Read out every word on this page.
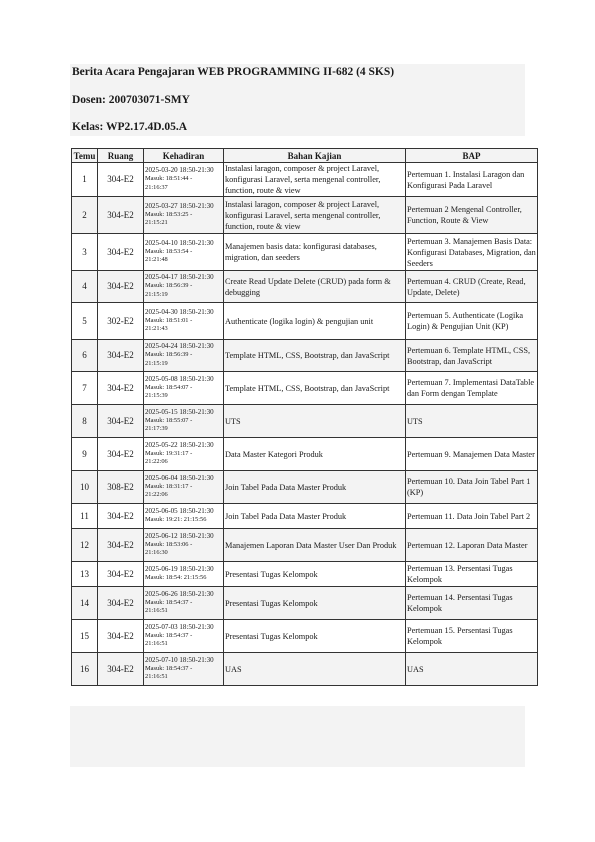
Berita Acara Pengajaran WEB PROGRAMMING II-682 (4 SKS)
Dosen: 200703071-SMY
Kelas: WP2.17.4D.05.A
Temu	Ruang	Kehadiran	Bahan Kajian	BAP
1	304-E2	2025-03-20 18:50-21:30
Masuk: 18:51:44 -
21:16:37	Instalasi laragon, composer & project Laravel, konfigurasi Laravel, serta mengenal controller, function, route & view	Pertemuan 1. Instalasi Laragon dan Konfigurasi Pada Laravel
2	304-E2	2025-03-27 18:50-21:30
Masuk: 18:53:25 -
21:15:21	Instalasi laragon, composer & project Laravel, konfigurasi Laravel, serta mengenal controller, function, route & view	Pertemuan 2 Mengenal Controller, Function, Route & View
3	304-E2	2025-04-10 18:50-21:30
Masuk: 18:53:54 -
21:21:48	Manajemen basis data: konfigurasi databases, migration, dan seeders	Pertemuan 3. Manajemen Basis Data: Konfigurasi Databases, Migration, dan Seeders
4	304-E2	2025-04-17 18:50-21:30
Masuk: 18:56:39 -
21:15:19	Create Read Update Delete (CRUD) pada form & debugging	Pertemuan 4. CRUD (Create, Read, Update, Delete)
5	302-E2	2025-04-30 18:50-21:30
Masuk: 18:51:01 -
21:21:43	Authenticate (logika login) & pengujian unit	Pertemuan 5. Authenticate (Logika Login) & Pengujian Unit (KP)
6	304-E2	2025-04-24 18:50-21:30
Masuk: 18:56:39 -
21:15:19	Template HTML, CSS, Bootstrap, dan JavaScript	Pertemuan 6. Template HTML, CSS, Bootstrap, dan JavaScript
7	304-E2	2025-05-08 18:50-21:30
Masuk: 18:54:07 -
21:15:39	Template HTML, CSS, Bootstrap, dan JavaScript	Pertemuan 7. Implementasi DataTable dan Form dengan Template
8	304-E2	2025-05-15 18:50-21:30
Masuk: 18:55:07 -
21:17:39	UTS	UTS
9	304-E2	2025-05-22 18:50-21:30
Masuk: 19:31:17 -
21:22:06	Data Master Kategori Produk	Pertemuan 9. Manajemen Data Master
10	308-E2	2025-06-04 18:50-21:30
Masuk: 18:31:17 -
21:22:06	Join Tabel Pada Data Master Produk	Pertemuan 10. Data Join Tabel Part 1 (KP)
11	304-E2	2025-06-05 18:50-21:30
Masuk: 19:21: 21:15:56	Join Tabel Pada Data Master Produk	Pertemuan 11. Data Join Tabel Part 2
12	304-E2	2025-06-12 18:50-21:30
Masuk: 18:53:06 -
21:16:30	Manajemen Laporan Data Master User Dan Produk	Pertemuan 12. Laporan Data Master
13	304-E2	2025-06-19 18:50-21:30
Masuk: 18:54: 21:15:56	Presentasi Tugas Kelompok	Pertemuan 13. Persentasi Tugas Kelompok
14	304-E2	2025-06-26 18:50-21:30
Masuk: 18:54:37 -
21:16:51	Presentasi Tugas Kelompok	Pertemuan 14. Persentasi Tugas Kelompok
15	304-E2	2025-07-03 18:50-21:30
Masuk: 18:54:37 -
21:16:51	Presentasi Tugas Kelompok	Pertemuan 15. Persentasi Tugas Kelompok
16	304-E2	2025-07-10 18:50-21:30
Masuk: 18:54:37 -
21:16:51	UAS	UAS
